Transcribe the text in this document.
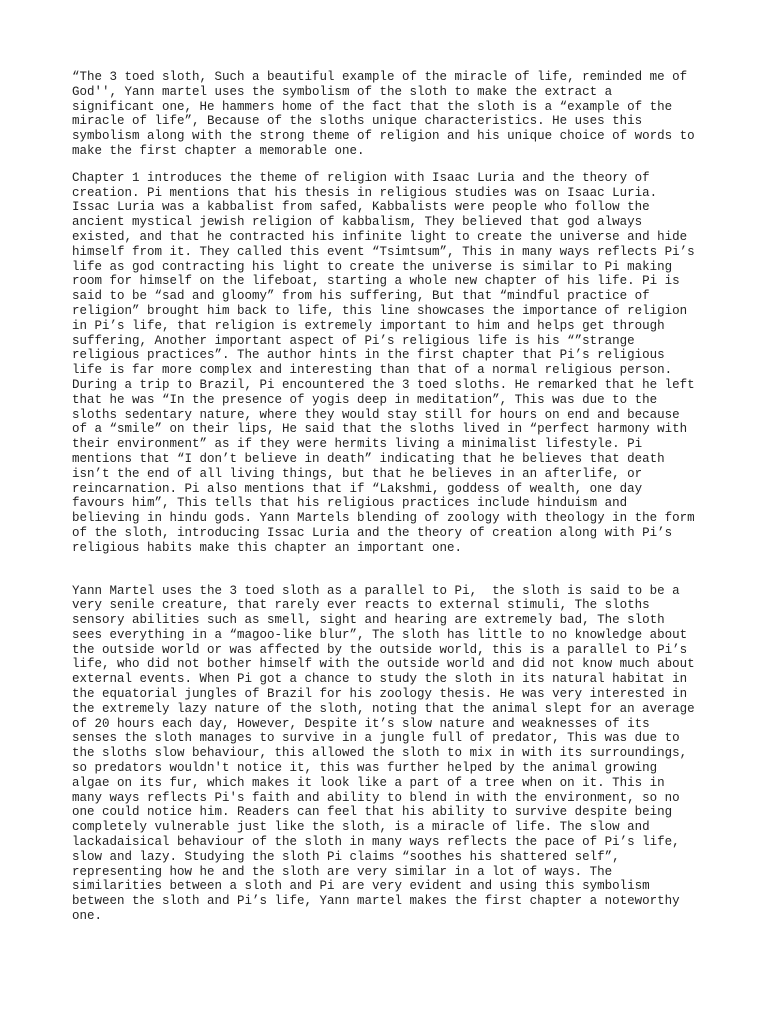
“The 3 toed sloth, Such a beautiful example of the miracle of life, reminded me of
God'', Yann martel uses the symbolism of the sloth to make the extract a
significant one, He hammers home of the fact that the sloth is a “example of the
miracle of life”, Because of the sloths unique characteristics. He uses this
symbolism along with the strong theme of religion and his unique choice of words to
make the first chapter a memorable one.

Chapter 1 introduces the theme of religion with Isaac Luria and the theory of
creation. Pi mentions that his thesis in religious studies was on Isaac Luria.
Issac Luria was a kabbalist from safed, Kabbalists were people who follow the
ancient mystical jewish religion of kabbalism, They believed that god always
existed, and that he contracted his infinite light to create the universe and hide
himself from it. They called this event “Tsimtsum”, This in many ways reflects Pi’s
life as god contracting his light to create the universe is similar to Pi making
room for himself on the lifeboat, starting a whole new chapter of his life. Pi is
said to be “sad and gloomy” from his suffering, But that “mindful practice of
religion” brought him back to life, this line showcases the importance of religion
in Pi’s life, that religion is extremely important to him and helps get through
suffering, Another important aspect of Pi’s religious life is his “”strange
religious practices”. The author hints in the first chapter that Pi’s religious
life is far more complex and interesting than that of a normal religious person.
During a trip to Brazil, Pi encountered the 3 toed sloths. He remarked that he left
that he was “In the presence of yogis deep in meditation”, This was due to the
sloths sedentary nature, where they would stay still for hours on end and because
of a “smile” on their lips, He said that the sloths lived in “perfect harmony with
their environment” as if they were hermits living a minimalist lifestyle. Pi
mentions that “I don’t believe in death” indicating that he believes that death
isn’t the end of all living things, but that he believes in an afterlife, or
reincarnation. Pi also mentions that if “Lakshmi, goddess of wealth, one day
favours him”, This tells that his religious practices include hinduism and
believing in hindu gods. Yann Martels blending of zoology with theology in the form
of the sloth, introducing Issac Luria and the theory of creation along with Pi’s
religious habits make this chapter an important one.

Yann Martel uses the 3 toed sloth as a parallel to Pi,  the sloth is said to be a
very senile creature, that rarely ever reacts to external stimuli, The sloths
sensory abilities such as smell, sight and hearing are extremely bad, The sloth
sees everything in a “magoo-like blur”, The sloth has little to no knowledge about
the outside world or was affected by the outside world, this is a parallel to Pi’s
life, who did not bother himself with the outside world and did not know much about
external events. When Pi got a chance to study the sloth in its natural habitat in
the equatorial jungles of Brazil for his zoology thesis. He was very interested in
the extremely lazy nature of the sloth, noting that the animal slept for an average
of 20 hours each day, However, Despite it’s slow nature and weaknesses of its
senses the sloth manages to survive in a jungle full of predator, This was due to
the sloths slow behaviour, this allowed the sloth to mix in with its surroundings,
so predators wouldn't notice it, this was further helped by the animal growing
algae on its fur, which makes it look like a part of a tree when on it. This in
many ways reflects Pi's faith and ability to blend in with the environment, so no
one could notice him. Readers can feel that his ability to survive despite being
completely vulnerable just like the sloth, is a miracle of life. The slow and
lackadaisical behaviour of the sloth in many ways reflects the pace of Pi’s life,
slow and lazy. Studying the sloth Pi claims “soothes his shattered self”,
representing how he and the sloth are very similar in a lot of ways. The
similarities between a sloth and Pi are very evident and using this symbolism
between the sloth and Pi’s life, Yann martel makes the first chapter a noteworthy
one.
